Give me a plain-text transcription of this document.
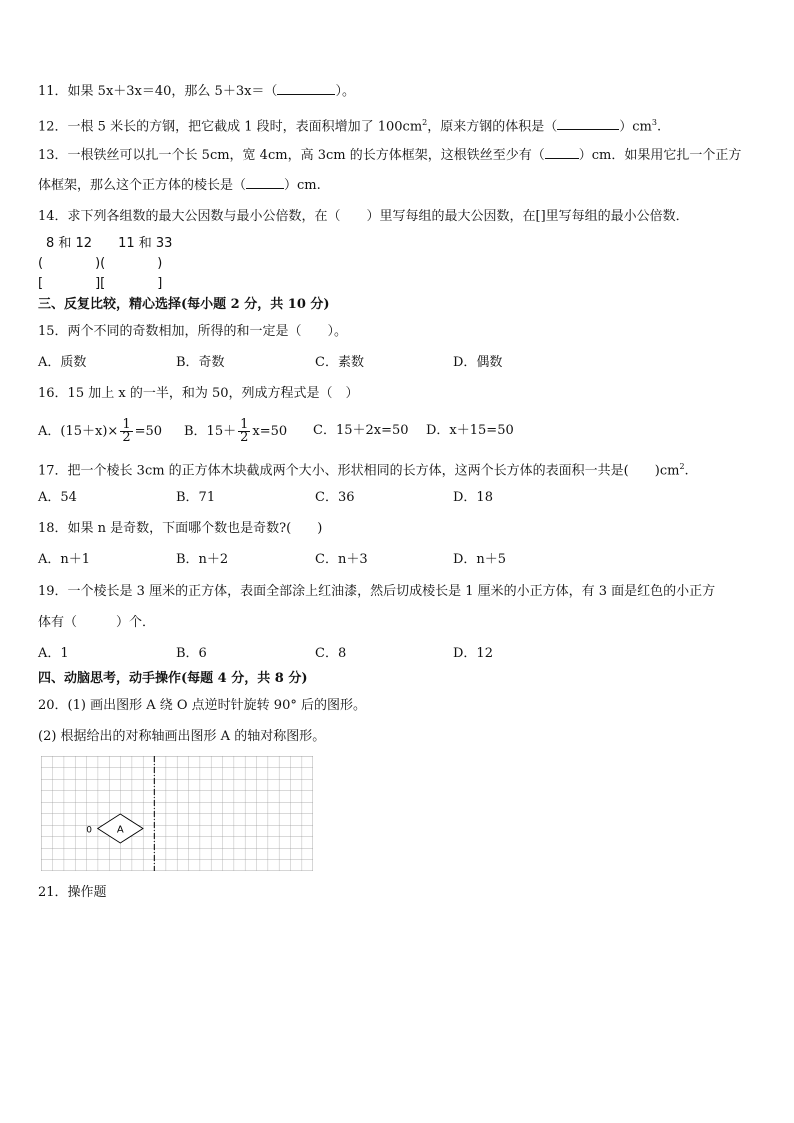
11．如果 5x＋3x＝40，那么 5＋3x＝（	）。
12．一根 5 米长的方钢，把它截成 1 段时，表面积增加了 $100cm^2$，原来方钢的体积是（	）$cm^3$.
13．一根铁丝可以扎一个长 5cm，宽 4cm，高 3cm 的长方体框架，这根铁丝至少有（	）cm．如果用它扎一个正方
体框架，那么这个正方体的棱长是（	）cm.
14．求下列各组数的最大公因数与最小公倍数，在（　　）里写每组的最大公因数，在[]里写每组的最小公倍数．
8 和 12　　11 和 33
(　　　　)(　　　　)
[　　　　][　　　　]
三、反复比较，精心选择(每小题 2 分，共 10 分)
15．两个不同的奇数相加，所得的和一定是（　　）。
A．质数	B．奇数	C．素数	D．偶数
16．15 加上 x 的一半，和为 50，列成方程式是（　）
A．$(15+x)\times \frac{1}{2} =50$ B．$15+ \frac{1}{2} x=50$ C．15＋2x=50 D．x＋15=50
17．把一个棱长 3cm 的正方体木块截成两个大小、形状相同的长方体，这两个长方体的表面积一共是(　　)$cm^2$.
A．54	B．71	C．36	D．18
18．如果 n 是奇数，下面哪个数也是奇数?(　　)
A．n＋1	B．n＋2	C．n＋3	D．n＋5
19．一个棱长是 3 厘米的正方体，表面全部涂上红油漆，然后切成棱长是 1 厘米的小正方体，有 3 面是红色的小正方
体有（　　　）个．
A．1	B．6	C．8	D．12
四、动脑思考，动手操作(每题 4 分，共 8 分)
20．(1) 画出图形 A 绕 O 点逆时针旋转 90° 后的图形。
(2) 根据给出的对称轴画出图形 A 的轴对称图形。
A
0
21．操作题
